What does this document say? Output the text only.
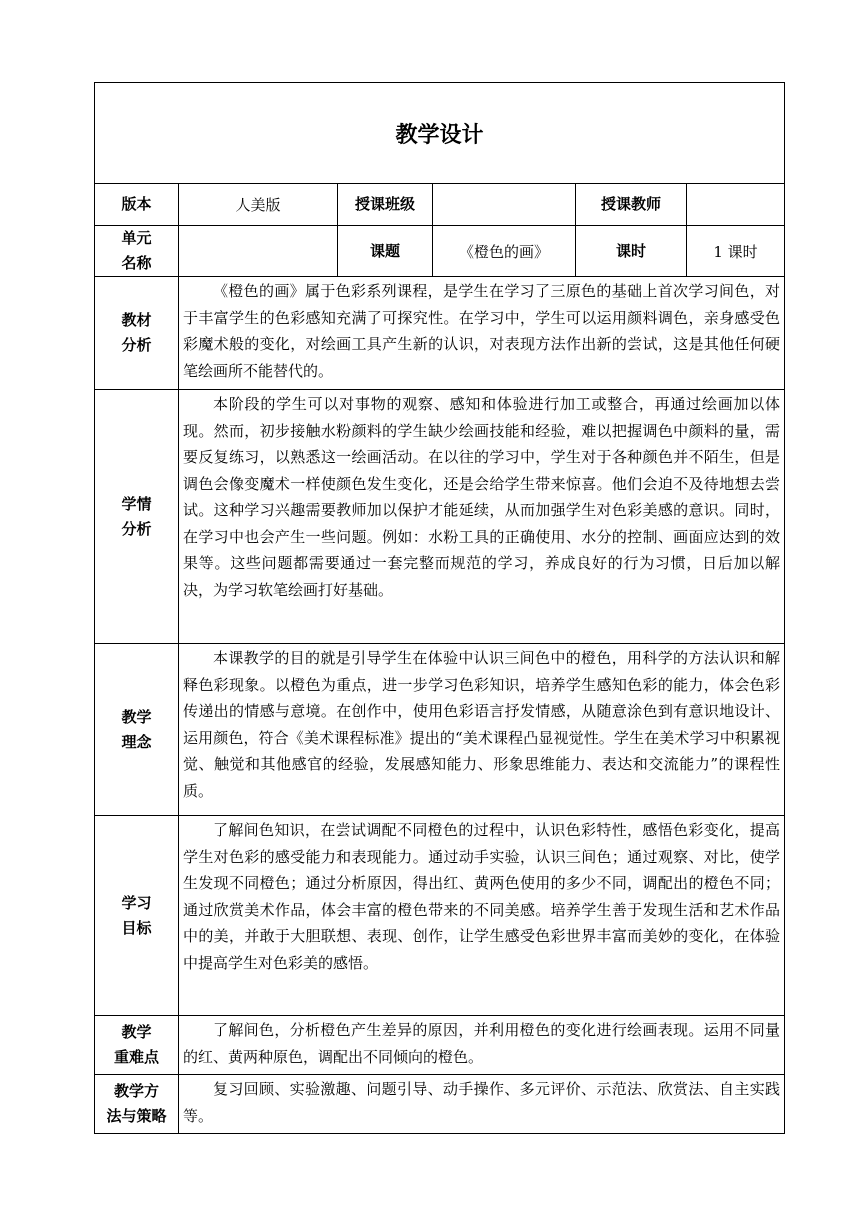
教学设计					
版本	人美版	授课班级		授课教师	

单元
名称		课题	《橙色的画》	课时	1 课时

教材
分析	《橙色的画》属于色彩系列课程，是学生在学习了三原色的基础上首次学习间色，对于丰富学生的色彩感知充满了可探究性。在学习中，学生可以运用颜料调色，亲身感受色彩魔术般的变化，对绘画工具产生新的认识，对表现方法作出新的尝试，这是其他任何硬笔绘画所不能替代的。				

学情
分析	本阶段的学生可以对事物的观察、感知和体验进行加工或整合，再通过绘画加以体现。然而，初步接触水粉颜料的学生缺少绘画技能和经验，难以把握调色中颜料的量，需要反复练习，以熟悉这一绘画活动。在以往的学习中，学生对于各种颜色并不陌生，但是调色会像变魔术一样使颜色发生变化，还是会给学生带来惊喜。他们会迫不及待地想去尝试。这种学习兴趣需要教师加以保护才能延续，从而加强学生对色彩美感的意识。同时，在学习中也会产生一些问题。例如：水粉工具的正确使用、水分的控制、画面应达到的效果等。这些问题都需要通过一套完整而规范的学习，养成良好的行为习惯，日后加以解决，为学习软笔绘画打好基础。				

教学
理念	本课教学的目的就是引导学生在体验中认识三间色中的橙色，用科学的方法认识和解释色彩现象。以橙色为重点，进一步学习色彩知识，培养学生感知色彩的能力，体会色彩传递出的情感与意境。在创作中，使用色彩语言抒发情感，从随意涂色到有意识地设计、运用颜色，符合《美术课程标准》提出的“美术课程凸显视觉性。学生在美术学习中积累视觉、触觉和其他感官的经验，发展感知能力、形象思维能力、表达和交流能力”的课程性质。				

学习
目标	了解间色知识，在尝试调配不同橙色的过程中，认识色彩特性，感悟色彩变化，提高学生对色彩的感受能力和表现能力。通过动手实验，认识三间色；通过观察、对比，使学生发现不同橙色；通过分析原因，得出红、黄两色使用的多少不同，调配出的橙色不同；通过欣赏美术作品，体会丰富的橙色带来的不同美感。培养学生善于发现生活和艺术作品中的美，并敢于大胆联想、表现、创作，让学生感受色彩世界丰富而美妙的变化，在体验中提高学生对色彩美的感悟。				

教学
重难点	了解间色，分析橙色产生差异的原因，并利用橙色的变化进行绘画表现。运用不同量的红、黄两种原色，调配出不同倾向的橙色。				

教学方
法与策略	复习回顾、实验激趣、问题引导、动手操作、多元评价、示范法、欣赏法、自主实践等。				
